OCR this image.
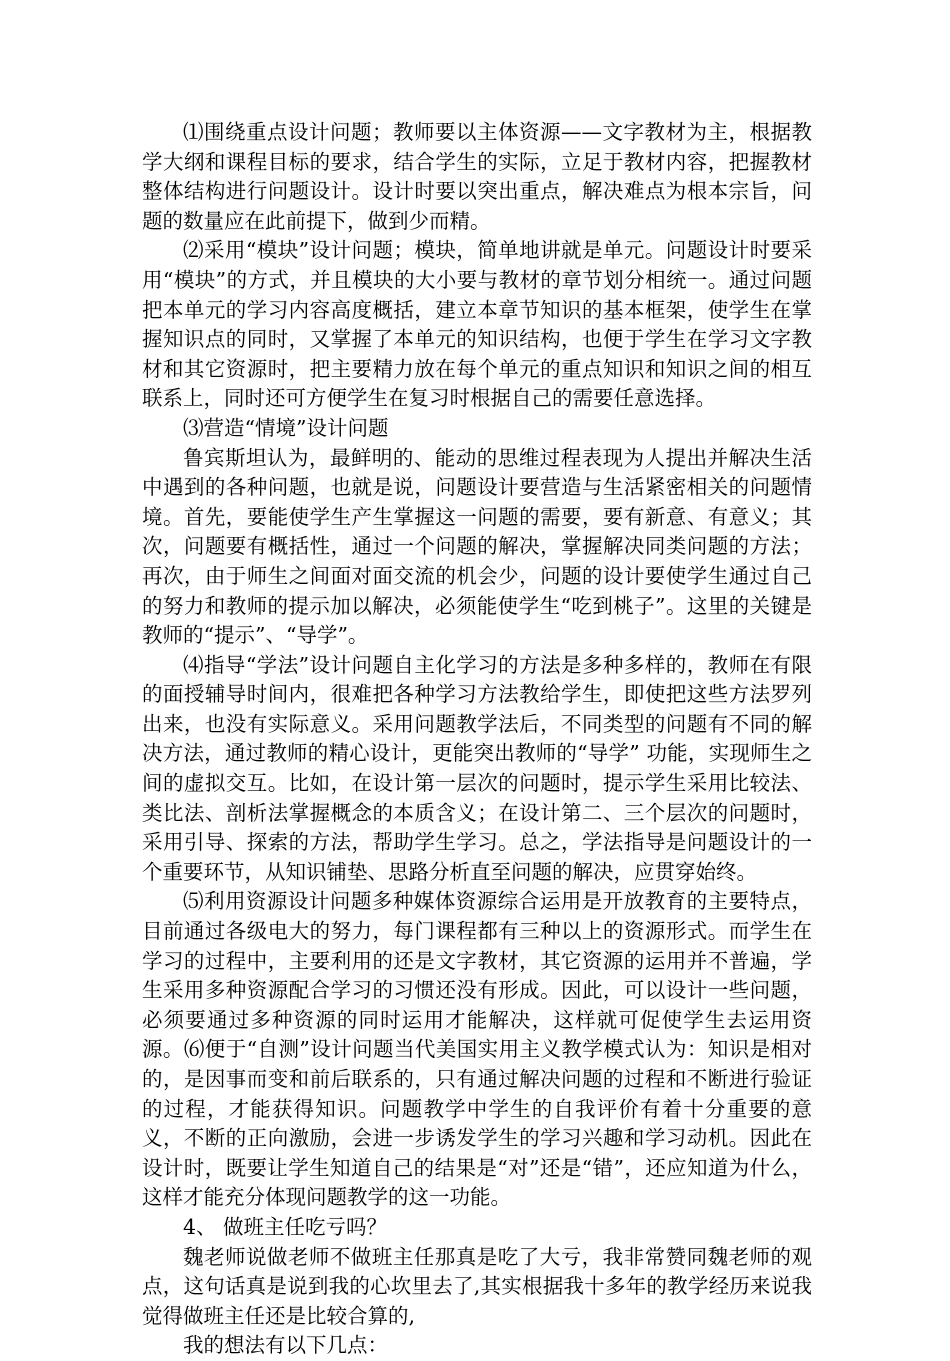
⑴围绕重点设计问题；教师要以主体资源——文字教材为主，根据教学大纲和课程目标的要求，结合学生的实际，立足于教材内容，把握教材整体结构进行问题设计。设计时要以突出重点，解决难点为根本宗旨，问题的数量应在此前提下，做到少而精。

⑵采用“模块”设计问题；模块，简单地讲就是单元。问题设计时要采用“模块”的方式，并且模块的大小要与教材的章节划分相统一。通过问题把本单元的学习内容高度概括，建立本章节知识的基本框架，使学生在掌握知识点的同时，又掌握了本单元的知识结构，也便于学生在学习文字教材和其它资源时，把主要精力放在每个单元的重点知识和知识之间的相互联系上，同时还可方便学生在复习时根据自己的需要任意选择。

⑶营造“情境”设计问题

鲁宾斯坦认为，最鲜明的、能动的思维过程表现为人提出并解决生活中遇到的各种问题，也就是说，问题设计要营造与生活紧密相关的问题情境。首先，要能使学生产生掌握这一问题的需要，要有新意、有意义；其次，问题要有概括性，通过一个问题的解决，掌握解决同类问题的方法；再次，由于师生之间面对面交流的机会少，问题的设计要使学生通过自己的努力和教师的提示加以解决，必须能使学生“吃到桃子”。这里的关键是教师的“提示”、“导学”。

⑷指导“学法”设计问题自主化学习的方法是多种多样的，教师在有限的面授辅导时间内，很难把各种学习方法教给学生，即使把这些方法罗列出来，也没有实际意义。采用问题教学法后，不同类型的问题有不同的解决方法，通过教师的精心设计，更能突出教师的“导学” 功能，实现师生之间的虚拟交互。比如，在设计第一层次的问题时，提示学生采用比较法、类比法、剖析法掌握概念的本质含义；在设计第二、三个层次的问题时，采用引导、探索的方法，帮助学生学习。总之，学法指导是问题设计的一个重要环节，从知识铺垫、思路分析直至问题的解决，应贯穿始终。

⑸利用资源设计问题多种媒体资源综合运用是开放教育的主要特点，目前通过各级电大的努力，每门课程都有三种以上的资源形式。而学生在学习的过程中，主要利用的还是文字教材，其它资源的运用并不普遍，学生采用多种资源配合学习的习惯还没有形成。因此，可以设计一些问题，必须要通过多种资源的同时运用才能解决，这样就可促使学生去运用资源。⑹便于“自测”设计问题当代美国实用主义教学模式认为：知识是相对的，是因事而变和前后联系的，只有通过解决问题的过程和不断进行验证的过程，才能获得知识。问题教学中学生的自我评价有着十分重要的意义，不断的正向激励，会进一步诱发学生的学习兴趣和学习动机。因此在设计时，既要让学生知道自己的结果是“对”还是“错”，还应知道为什么，这样才能充分体现问题教学的这一功能。

4、 做班主任吃亏吗？

魏老师说做老师不做班主任那真是吃了大亏，我非常赞同魏老师的观点，这句话真是说到我的心坎里去了,其实根据我十多年的教学经历来说我觉得做班主任还是比较合算的,

我的想法有以下几点：
